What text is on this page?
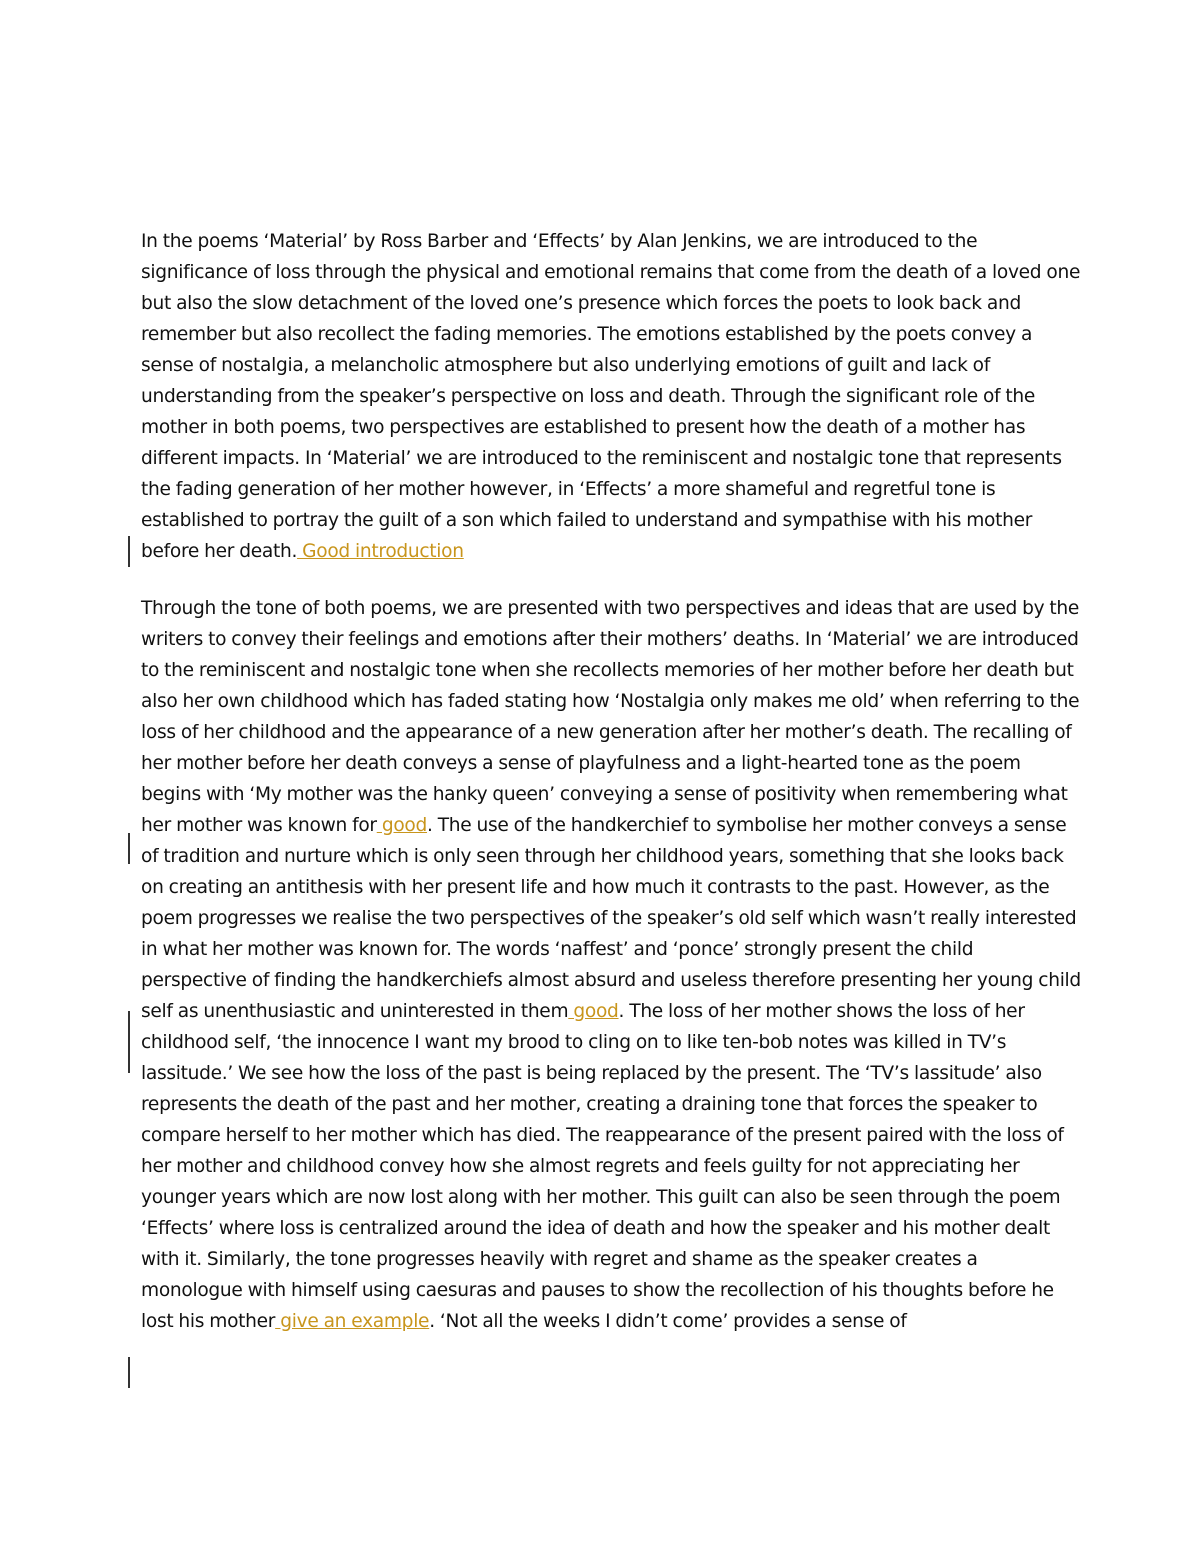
In the poems ‘Material’ by Ross Barber and ‘Effects’ by Alan Jenkins, we are introduced to the significance of loss through the physical and emotional remains that come from the death of a loved one but also the slow detachment of the loved one’s presence which forces the poets to look back and remember but also recollect the fading memories. The emotions established by the poets convey a sense of nostalgia, a melancholic atmosphere but also underlying emotions of guilt and lack of understanding from the speaker’s perspective on loss and death. Through the significant role of the mother in both poems, two perspectives are established to present how the death of a mother has different impacts. In ‘Material’ we are introduced to the reminiscent and nostalgic tone that represents the fading generation of her mother however, in ‘Effects’ a more shameful and regretful tone is established to portray the guilt of a son which failed to understand and sympathise with his mother before her death. Good introduction

Through the tone of both poems, we are presented with two perspectives and ideas that are used by the writers to convey their feelings and emotions after their mothers’ deaths. In ‘Material’ we are introduced to the reminiscent and nostalgic tone when she recollects memories of her mother before her death but also her own childhood which has faded stating how ‘Nostalgia only makes me old’ when referring to the loss of her childhood and the appearance of a new generation after her mother’s death. The recalling of her mother before her death conveys a sense of playfulness and a light-hearted tone as the poem begins with ‘My mother was the hanky queen’ conveying a sense of positivity when remembering what her mother was known for good. The use of the handkerchief to symbolise her mother conveys a sense of tradition and nurture which is only seen through her childhood years, something that she looks back on creating an antithesis with her present life and how much it contrasts to the past. However, as the poem progresses we realise the two perspectives of the speaker’s old self which wasn’t really interested in what her mother was known for. The words ‘naffest’ and ‘ponce’ strongly present the child perspective of finding the handkerchiefs almost absurd and useless therefore presenting her young child self as unenthusiastic and uninterested in them good. The loss of her mother shows the loss of her childhood self, ‘the innocence I want my brood to cling on to like ten-bob notes was killed in TV’s lassitude.’ We see how the loss of the past is being replaced by the present. The ‘TV’s lassitude’ also represents the death of the past and her mother, creating a draining tone that forces the speaker to compare herself to her mother which has died. The reappearance of the present paired with the loss of her mother and childhood convey how she almost regrets and feels guilty for not appreciating her younger years which are now lost along with her mother. This guilt can also be seen through the poem ‘Effects’ where loss is centralized around the idea of death and how the speaker and his mother dealt with it. Similarly, the tone progresses heavily with regret and shame as the speaker creates a monologue with himself using caesuras and pauses to show the recollection of his thoughts before he lost his mother give an example. ‘Not all the weeks I didn’t come’ provides a sense of
